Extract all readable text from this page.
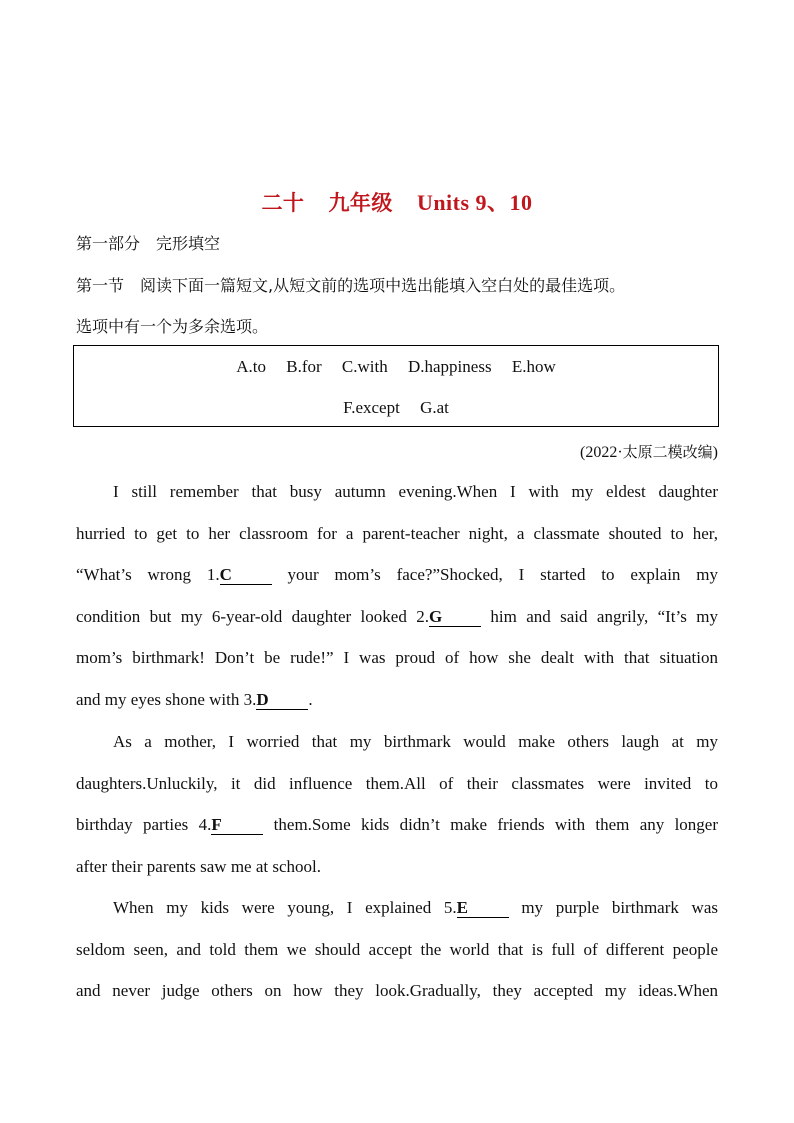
二十 九年级 Units 9、10
第一部分　完形填空
第一节　阅读下面一篇短文,从短文前的选项中选出能填入空白处的最佳选项。
选项中有一个为多余选项。
A.to B.for C.with D.happiness E.how
F.except G.at
(2022·太原二模改编)
I still remember that busy autumn evening.When I with my eldest daughter
hurried to get to her classroom for a parent-teacher night, a classmate shouted to her,
“What’s wrong 1.C your mom’s face?”Shocked, I started to explain my
condition but my 6-year-old daughter looked 2.G him and said angrily, “It’s my
mom’s birthmark! Don’t be rude!” I was proud of how she dealt with that situation
and my eyes shone with 3.D .
As a mother, I worried that my birthmark would make others laugh at my
daughters.Unluckily, it did influence them.All of their classmates were invited to
birthday parties 4.F them.Some kids didn’t make friends with them any longer
after their parents saw me at school.
When my kids were young, I explained 5.E my purple birthmark was
seldom seen, and told them we should accept the world that is full of different people
and never judge others on how they look.Gradually, they accepted my ideas.When
